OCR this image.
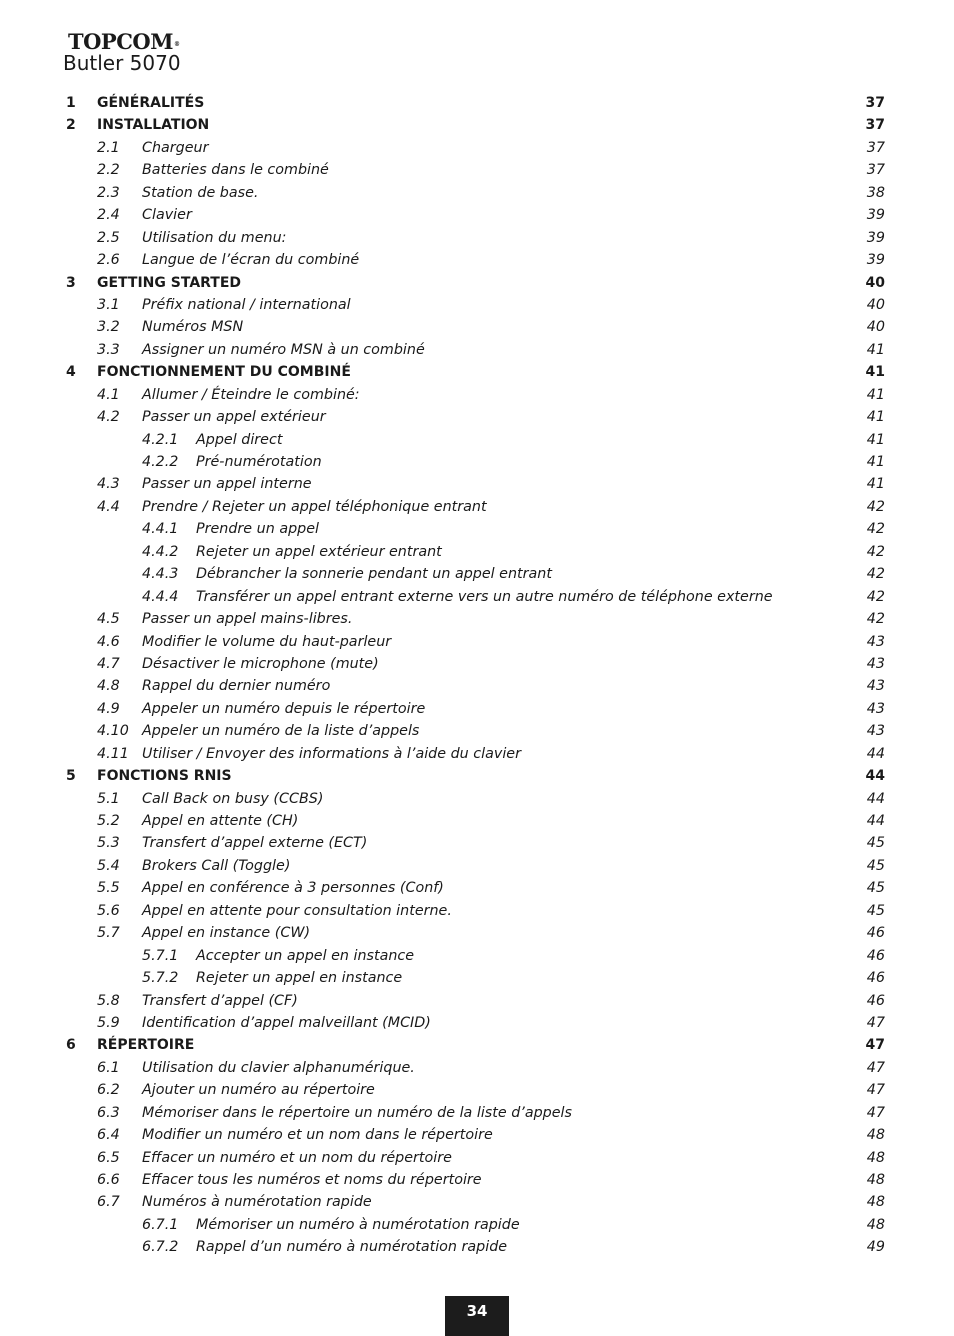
TOPCOM®
Butler 5070
1 GÉNÉRALITÉS	37
2 INSTALLATION	37
2.1 Chargeur	37
2.2 Batteries dans le combiné	37
2.3 Station de base.	38
2.4 Clavier	39
2.5 Utilisation du menu:	39
2.6 Langue de l’écran du combiné	39
3 GETTING STARTED	40
3.1 Préfix national / international	40
3.2 Numéros MSN	40
3.3 Assigner un numéro MSN à un combiné	41
4 FONCTIONNEMENT DU COMBINÉ	41
4.1 Allumer / Éteindre le combiné:	41
4.2 Passer un appel extérieur	41
4.2.1 Appel direct	41
4.2.2 Pré-numérotation	41
4.3 Passer un appel interne	41
4.4 Prendre / Rejeter un appel téléphonique entrant	42
4.4.1 Prendre un appel	42
4.4.2 Rejeter un appel extérieur entrant	42
4.4.3 Débrancher la sonnerie pendant un appel entrant	42
4.4.4 Transférer un appel entrant externe vers un autre numéro de téléphone externe	42
4.5 Passer un appel mains-libres.	42
4.6 Modifier le volume du haut-parleur	43
4.7 Désactiver le microphone (mute)	43
4.8 Rappel du dernier numéro	43
4.9 Appeler un numéro depuis le répertoire	43
4.10 Appeler un numéro de la liste d’appels	43
4.11 Utiliser / Envoyer des informations à l’aide du clavier	44
5 FONCTIONS RNIS	44
5.1 Call Back on busy (CCBS)	44
5.2 Appel en attente (CH)	44
5.3 Transfert d’appel externe (ECT)	45
5.4 Brokers Call (Toggle)	45
5.5 Appel en conférence à 3 personnes (Conf)	45
5.6 Appel en attente pour consultation interne.	45
5.7 Appel en instance (CW)	46
5.7.1 Accepter un appel en instance	46
5.7.2 Rejeter un appel en instance	46
5.8 Transfert d’appel (CF)	46
5.9 Identification d’appel malveillant (MCID)	47
6 RÉPERTOIRE	47
6.1 Utilisation du clavier alphanumérique.	47
6.2 Ajouter un numéro au répertoire	47
6.3 Mémoriser dans le répertoire un numéro de la liste d’appels	47
6.4 Modifier un numéro et un nom dans le répertoire	48
6.5 Effacer un numéro et un nom du répertoire	48
6.6 Effacer tous les numéros et noms du répertoire	48
6.7 Numéros à numérotation rapide	48
6.7.1 Mémoriser un numéro à numérotation rapide	48
6.7.2 Rappel d’un numéro à numérotation rapide	49
34
